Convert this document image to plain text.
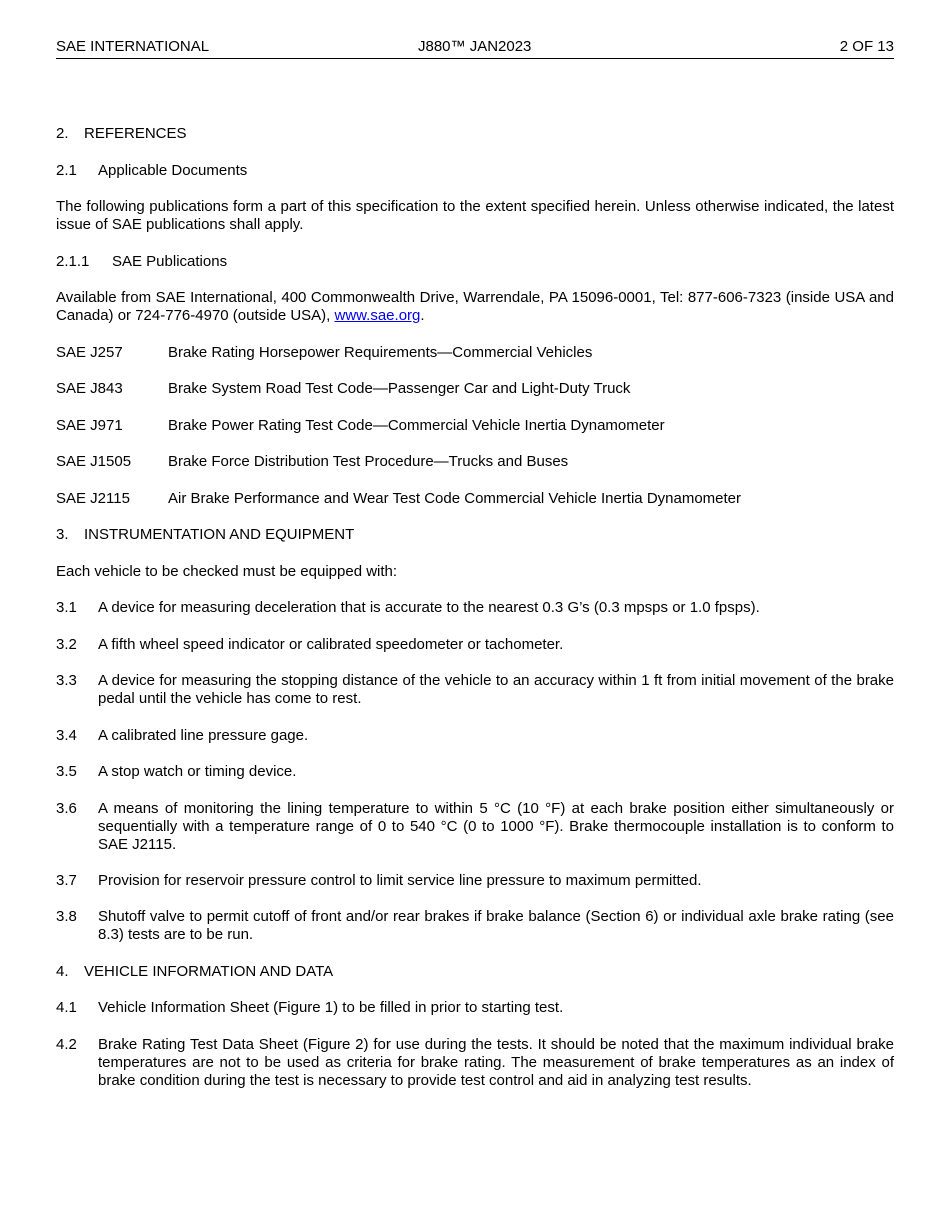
SAE INTERNATIONAL	J880™ JAN2023	2 OF 13
2. REFERENCES
2.1 Applicable Documents
The following publications form a part of this specification to the extent specified herein. Unless otherwise indicated, the latest issue of SAE publications shall apply.
2.1.1 SAE Publications
Available from SAE International, 400 Commonwealth Drive, Warrendale, PA 15096-0001, Tel: 877-606-7323 (inside USA and Canada) or 724-776-4970 (outside USA), www.sae.org.
SAE J257	Brake Rating Horsepower Requirements—Commercial Vehicles
SAE J843	Brake System Road Test Code—Passenger Car and Light-Duty Truck
SAE J971	Brake Power Rating Test Code—Commercial Vehicle Inertia Dynamometer
SAE J1505 Brake Force Distribution Test Procedure—Trucks and Buses
SAE J2115	Air Brake Performance and Wear Test Code Commercial Vehicle Inertia Dynamometer
3. INSTRUMENTATION AND EQUIPMENT
Each vehicle to be checked must be equipped with:
3.1 A device for measuring deceleration that is accurate to the nearest 0.3 G’s (0.3 mpsps or 1.0 fpsps).
3.2 A fifth wheel speed indicator or calibrated speedometer or tachometer.
3.3 A device for measuring the stopping distance of the vehicle to an accuracy within 1 ft from initial movement of the brake pedal until the vehicle has come to rest.
3.4 A calibrated line pressure gage.
3.5 A stop watch or timing device.
3.6 A means of monitoring the lining temperature to within 5 °C (10 °F) at each brake position either simultaneously or sequentially with a temperature range of 0 to 540 °C (0 to 1000 °F). Brake thermocouple installation is to conform to SAE J2115.
3.7 Provision for reservoir pressure control to limit service line pressure to maximum permitted.
3.8 Shutoff valve to permit cutoff of front and/or rear brakes if brake balance (Section 6) or individual axle brake rating (see 8.3) tests are to be run.
4. VEHICLE INFORMATION AND DATA
4.1 Vehicle Information Sheet (Figure 1) to be filled in prior to starting test.
4.2 Brake Rating Test Data Sheet (Figure 2) for use during the tests. It should be noted that the maximum individual brake temperatures are not to be used as criteria for brake rating. The measurement of brake temperatures as an index of brake condition during the test is necessary to provide test control and aid in analyzing test results.
